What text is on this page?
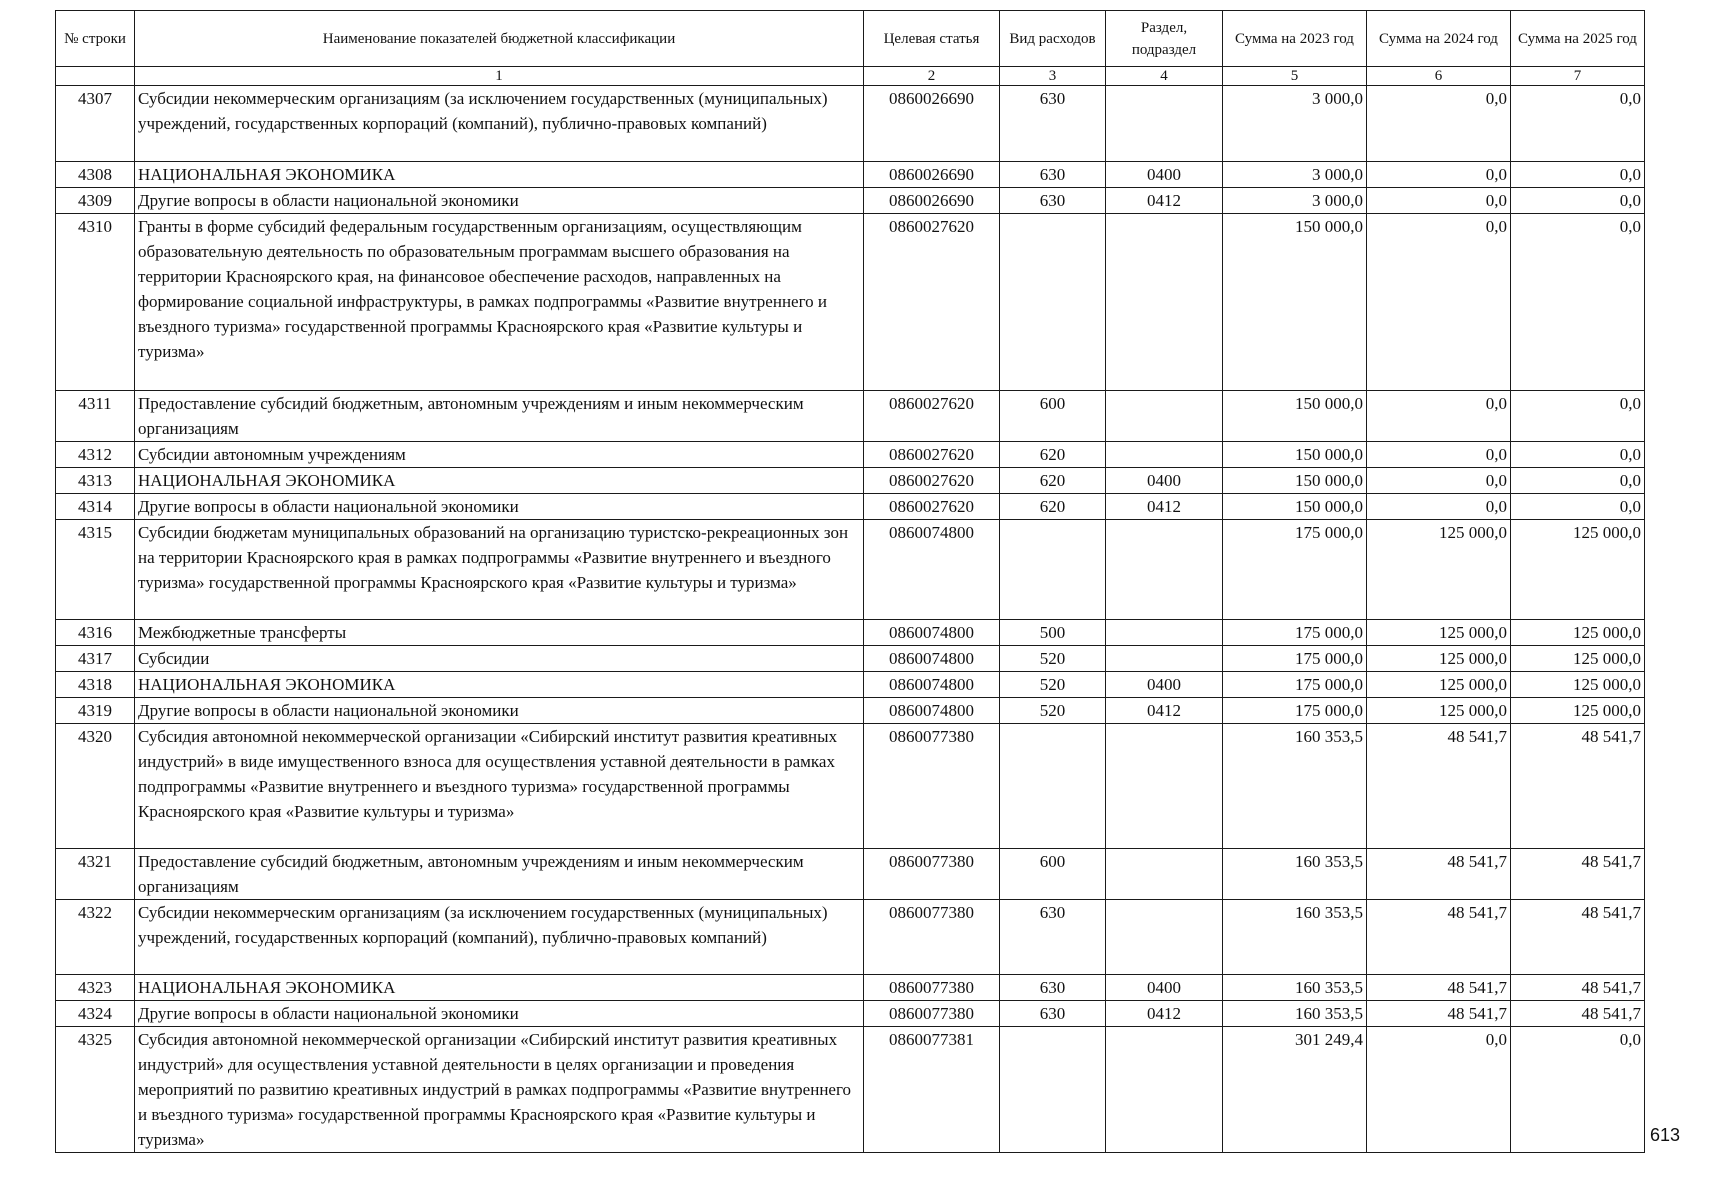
№ строки	Наименование показателей бюджетной классификации	Целевая статья	Вид расходов	Раздел, подраздел	Сумма на 2023 год	Сумма на 2024 год	Сумма на 2025 год
	1	2	3	4	5	6	7
4307	Субсидии некоммерческим организациям (за исключением государственных (муниципальных) учреждений, государственных корпораций (компаний), публично-правовых компаний)	0860026690	630		3 000,0	0,0	0,0
4308	НАЦИОНАЛЬНАЯ ЭКОНОМИКА	0860026690	630	0400	3 000,0	0,0	0,0
4309	Другие вопросы в области национальной экономики	0860026690	630	0412	3 000,0	0,0	0,0
4310	Гранты в форме субсидий федеральным государственным организациям, осуществляющим образовательную деятельность по образовательным программам высшего образования на территории Красноярского края, на финансовое обеспечение расходов, направленных на формирование социальной инфраструктуры, в рамках подпрограммы «Развитие внутреннего и въездного туризма» государственной программы Красноярского края «Развитие культуры и туризма»	0860027620			150 000,0	0,0	0,0
4311	Предоставление субсидий бюджетным, автономным учреждениям и иным некоммерческим организациям	0860027620	600		150 000,0	0,0	0,0
4312	Субсидии автономным учреждениям	0860027620	620		150 000,0	0,0	0,0
4313	НАЦИОНАЛЬНАЯ ЭКОНОМИКА	0860027620	620	0400	150 000,0	0,0	0,0
4314	Другие вопросы в области национальной экономики	0860027620	620	0412	150 000,0	0,0	0,0
4315	Субсидии бюджетам муниципальных образований на организацию туристско-рекреационных зон на территории Красноярского края в рамках подпрограммы «Развитие внутреннего и въездного туризма» государственной программы Красноярского края «Развитие культуры и туризма»	0860074800			175 000,0	125 000,0	125 000,0
4316	Межбюджетные трансферты	0860074800	500		175 000,0	125 000,0	125 000,0
4317	Субсидии	0860074800	520		175 000,0	125 000,0	125 000,0
4318	НАЦИОНАЛЬНАЯ ЭКОНОМИКА	0860074800	520	0400	175 000,0	125 000,0	125 000,0
4319	Другие вопросы в области национальной экономики	0860074800	520	0412	175 000,0	125 000,0	125 000,0
4320	Субсидия автономной некоммерческой организации «Сибирский институт развития креативных индустрий» в виде имущественного взноса для осуществления уставной деятельности в рамках подпрограммы «Развитие внутреннего и въездного туризма» государственной программы Красноярского края «Развитие культуры и туризма»	0860077380			160 353,5	48 541,7	48 541,7
4321	Предоставление субсидий бюджетным, автономным учреждениям и иным некоммерческим организациям	0860077380	600		160 353,5	48 541,7	48 541,7
4322	Субсидии некоммерческим организациям (за исключением государственных (муниципальных) учреждений, государственных корпораций (компаний), публично-правовых компаний)	0860077380	630		160 353,5	48 541,7	48 541,7
4323	НАЦИОНАЛЬНАЯ ЭКОНОМИКА	0860077380	630	0400	160 353,5	48 541,7	48 541,7
4324	Другие вопросы в области национальной экономики	0860077380	630	0412	160 353,5	48 541,7	48 541,7
4325	Субсидия автономной некоммерческой организации «Сибирский институт развития креативных индустрий» для осуществления уставной деятельности в целях организации и проведения мероприятий по развитию креативных индустрий в рамках подпрограммы «Развитие внутреннего и въездного туризма» государственной программы Красноярского края «Развитие культуры и туризма»	0860077381			301 249,4	0,0	0,0
613
